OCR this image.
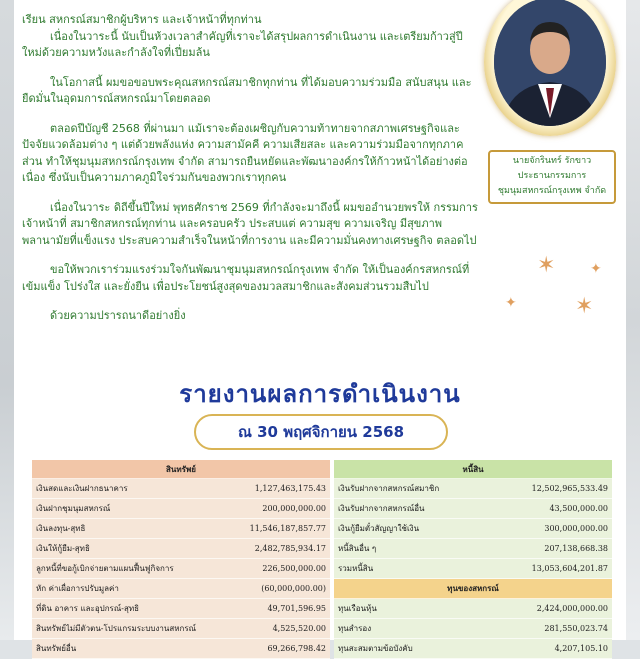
✶
✶
✦
✦

เรียน สหกรณ์สมาชิกผู้บริหาร และเจ้าหน้าที่ทุกท่าน

เนื่องในวาระนี้ นับเป็นห้วงเวลาสำคัญที่เราจะได้สรุปผลการดำเนินงาน และเตรียมก้าวสู่ปีใหม่ด้วยความหวังและกำลังใจที่เปี่ยมล้น

ในโอกาสนี้ ผมขอขอบพระคุณสหกรณ์สมาชิกทุกท่าน ที่ได้มอบความร่วมมือ สนับสนุน และยืดมั่นในอุดมการณ์สหกรณ์มาโดยตลอด

ตลอดปีบัญชี 2568 ที่ผ่านมา แม้เราจะต้องเผชิญกับความท้าทายจากสภาพเศรษฐกิจและปัจจัยแวดล้อมต่าง ๆ แต่ด้วยพลังแห่ง ความสามัคคี ความเสียสละ และความร่วมมือจากทุกภาคส่วน ทำให้ชุมนุมสหกรณ์กรุงเทพ จำกัด สามารถยืนหยัดและพัฒนาองค์กรให้ก้าวหน้าได้อย่างต่อเนื่อง ซึ่งนับเป็นความภาคภูมิใจร่วมกันของพวกเราทุกคน

เนื่องในวาระ ดิถีขึ้นปีใหม่ พุทธศักราช 2569 ที่กำลังจะมาถึงนี้ ผมขออำนวยพรให้ กรรมการ เจ้าหน้าที่ สมาชิกสหกรณ์ทุกท่าน และครอบครัว ประสบแต่ ความสุข ความเจริญ มีสุขภาพพลานามัยที่แข็งแรง ประสบความสำเร็จในหน้าที่การงาน และมีความมั่นคงทางเศรษฐกิจ ตลอดไป

ขอให้พวกเราร่วมแรงร่วมใจกันพัฒนาชุมนุมสหกรณ์กรุงเทพ จำกัด ให้เป็นองค์กรสหกรณ์ที่ เข้มแข็ง โปร่งใส และยั่งยืน เพื่อประโยชน์สูงสุดของมวลสมาชิกและสังคมส่วนรวมสืบไป

ด้วยความปรารถนาดีอย่างยิ่ง

นายจักรินทร์ รักขาว
ประธานกรรมการ
ชุมนุมสหกรณ์กรุงเทพ จำกัด
รายงานผลการดำเนินงาน
ณ 30 พฤศจิกายน 2568
สินทรัพย์	
เงินสดและเงินฝากธนาคาร	1,127,463,175.43
เงินฝากชุมนุมสหกรณ์	200,000,000.00
เงินลงทุน-สุทธิ	11,546,187,857.77
เงินให้กู้ยืม-สุทธิ	2,482,785,934.17
ลูกหนี้ที่ขอกู้เบิกจ่ายตามแผนฟื้นฟูกิจการ	226,500,000.00
หัก ค่าเผื่อการปรับมูลค่า	(60,000,000.00)
ที่ดิน อาคาร และอุปกรณ์-สุทธิ	49,701,596.95
สินทรัพย์ไม่มีตัวตน-โปรแกรมระบบงานสหกรณ์	4,525,520.00
สินทรัพย์อื่น	69,266,798.42
หนี้สิน	
เงินรับฝากจากสหกรณ์สมาชิก	12,502,965,533.49
เงินรับฝากจากสหกรณ์อื่น	43,500,000.00
เงินกู้ยืมตั๋วสัญญาใช้เงิน	300,000,000.00
หนี้สินอื่น ๆ	207,138,668.38
รวมหนี้สิน	13,053,604,201.87
ทุนของสหกรณ์	
ทุนเรือนหุ้น	2,424,000,000.00
ทุนสำรอง	281,550,023.74
ทุนสะสมตามข้อบังคับ	4,207,105.10
